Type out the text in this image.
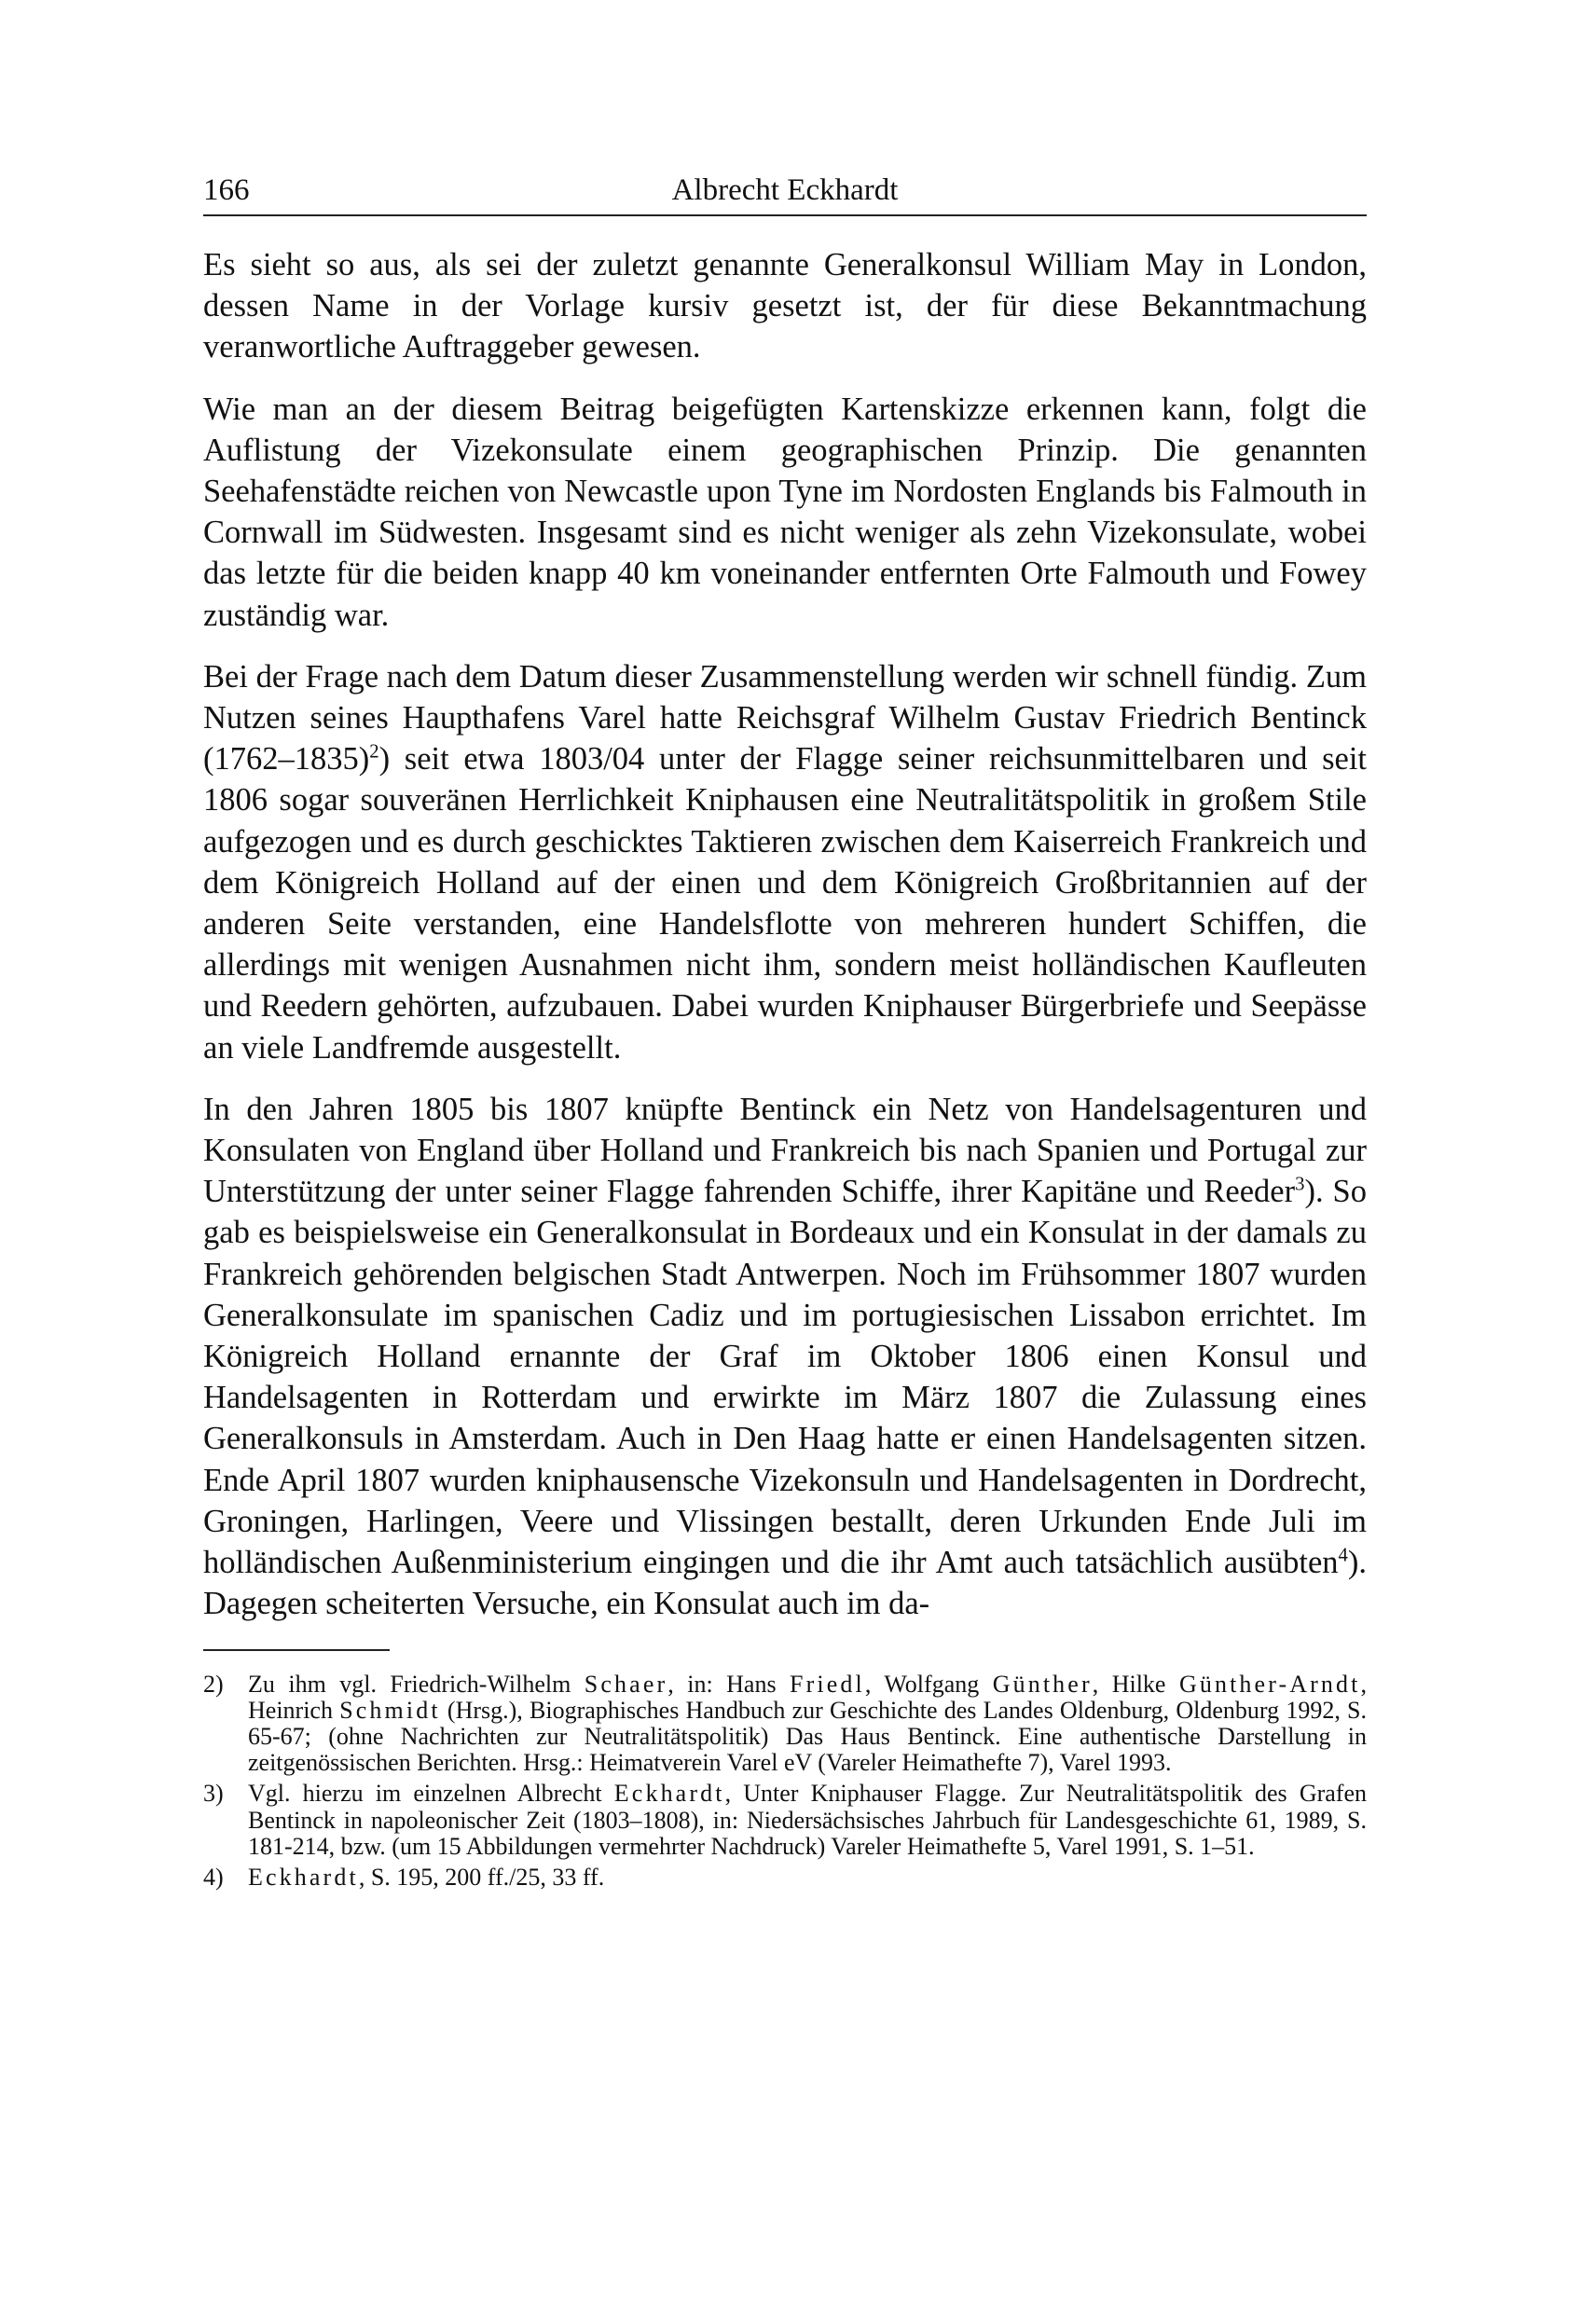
166	Albrecht Eckhardt

Es sieht so aus, als sei der zuletzt genannte Generalkonsul William May in London, dessen Name in der Vorlage kursiv gesetzt ist, der für diese Bekanntmachung veranwortliche Auftraggeber gewesen.

Wie man an der diesem Beitrag beigefügten Kartenskizze erkennen kann, folgt die Auflistung der Vizekonsulate einem geographischen Prinzip. Die genannten Seehafenstädte reichen von Newcastle upon Tyne im Nordosten Englands bis Falmouth in Cornwall im Südwesten. Insgesamt sind es nicht weniger als zehn Vizekonsulate, wobei das letzte für die beiden knapp 40 km voneinander entfernten Orte Falmouth und Fowey zuständig war.

Bei der Frage nach dem Datum dieser Zusammenstellung werden wir schnell fündig. Zum Nutzen seines Haupthafens Varel hatte Reichsgraf Wilhelm Gustav Friedrich Bentinck (1762–1835)$^2$) seit etwa 1803/04 unter der Flagge seiner reichsunmittelbaren und seit 1806 sogar souveränen Herrlichkeit Kniphausen eine Neutralitätspolitik in großem Stile aufgezogen und es durch geschicktes Taktieren zwischen dem Kaiserreich Frankreich und dem Königreich Holland auf der einen und dem Königreich Großbritannien auf der anderen Seite verstanden, eine Handelsflotte von mehreren hundert Schiffen, die allerdings mit wenigen Ausnahmen nicht ihm, sondern meist holländischen Kaufleuten und Reedern gehörten, aufzubauen. Dabei wurden Kniphauser Bürgerbriefe und Seepässe an viele Landfremde ausgestellt.

In den Jahren 1805 bis 1807 knüpfte Bentinck ein Netz von Handelsagenturen und Konsulaten von England über Holland und Frankreich bis nach Spanien und Portugal zur Unterstützung der unter seiner Flagge fahrenden Schiffe, ihrer Kapitäne und Reeder$^3$). So gab es beispielsweise ein Generalkonsulat in Bordeaux und ein Konsulat in der damals zu Frankreich gehörenden belgischen Stadt Antwerpen. Noch im Frühsommer 1807 wurden Generalkonsulate im spanischen Cadiz und im portugiesischen Lissabon errichtet. Im Königreich Holland ernannte der Graf im Oktober 1806 einen Konsul und Handelsagenten in Rotterdam und erwirkte im März 1807 die Zulassung eines Generalkonsuls in Amsterdam. Auch in Den Haag hatte er einen Handelsagenten sitzen. Ende April 1807 wurden kniphausensche Vizekonsuln und Handelsagenten in Dordrecht, Groningen, Harlingen, Veere und Vlissingen bestallt, deren Urkunden Ende Juli im holländischen Außenministerium eingingen und die ihr Amt auch tatsächlich ausübten$^4$). Dagegen scheiterten Versuche, ein Konsulat auch im da-

2) Zu ihm vgl. Friedrich-Wilhelm Schaer, in: Hans Friedl, Wolfgang Günther, Hilke Günther-Arndt, Heinrich Schmidt (Hrsg.), Biographisches Handbuch zur Geschichte des Landes Oldenburg, Oldenburg 1992, S. 65-67; (ohne Nachrichten zur Neutralitätspolitik) Das Haus Bentinck. Eine authentische Darstellung in zeitgenössischen Berichten. Hrsg.: Heimatverein Varel eV (Vareler Heimathefte 7), Varel 1993.

3) Vgl. hierzu im einzelnen Albrecht Eckhardt, Unter Kniphauser Flagge. Zur Neutralitätspolitik des Grafen Bentinck in napoleonischer Zeit (1803–1808), in: Niedersächsisches Jahrbuch für Landesgeschichte 61, 1989, S. 181-214, bzw. (um 15 Abbildungen vermehrter Nachdruck) Vareler Heimathefte 5, Varel 1991, S. 1–51.

4) Eckhardt, S. 195, 200 ff./25, 33 ff.
